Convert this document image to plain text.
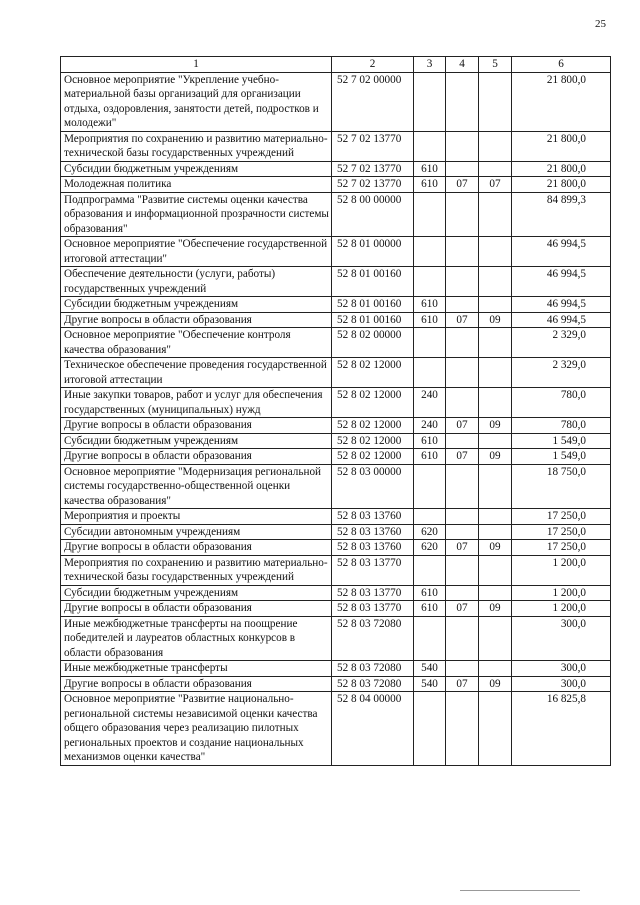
25
1	2	3	4	5	6
Основное мероприятие "Укрепление учебно-материальной базы организаций для организации отдыха, оздоровления, занятости детей, подростков и молодежи"	52 7 02 00000				21 800,0
Мероприятия по сохранению и развитию материально-технической базы государственных учреждений	52 7 02 13770				21 800,0
Субсидии бюджетным учреждениям	52 7 02 13770	610			21 800,0
Молодежная политика	52 7 02 13770	610	07	07	21 800,0
Подпрограмма "Развитие системы оценки качества образования и информационной прозрачности системы образования"	52 8 00 00000				84 899,3
Основное мероприятие "Обеспечение государственной итоговой аттестации"	52 8 01 00000				46 994,5
Обеспечение деятельности (услуги, работы) государственных учреждений	52 8 01 00160				46 994,5
Субсидии бюджетным учреждениям	52 8 01 00160	610			46 994,5
Другие вопросы в области образования	52 8 01 00160	610	07	09	46 994,5
Основное мероприятие "Обеспечение контроля качества образования"	52 8 02 00000				2 329,0
Техническое обеспечение проведения государственной итоговой аттестации	52 8 02 12000				2 329,0
Иные закупки товаров, работ и услуг для обеспечения государственных (муниципальных) нужд	52 8 02 12000	240			780,0
Другие вопросы в области образования	52 8 02 12000	240	07	09	780,0
Субсидии бюджетным учреждениям	52 8 02 12000	610			1 549,0
Другие вопросы в области образования	52 8 02 12000	610	07	09	1 549,0
Основное мероприятие "Модернизация региональной системы государственно-общественной оценки качества образования"	52 8 03 00000				18 750,0
Мероприятия и проекты	52 8 03 13760				17 250,0
Субсидии автономным учреждениям	52 8 03 13760	620			17 250,0
Другие вопросы в области образования	52 8 03 13760	620	07	09	17 250,0
Мероприятия по сохранению и развитию материально-технической базы государственных учреждений	52 8 03 13770				1 200,0
Субсидии бюджетным учреждениям	52 8 03 13770	610			1 200,0
Другие вопросы в области образования	52 8 03 13770	610	07	09	1 200,0
Иные межбюджетные трансферты на поощрение победителей и лауреатов областных конкурсов в области образования	52 8 03 72080				300,0
Иные межбюджетные трансферты	52 8 03 72080	540			300,0
Другие вопросы в области образования	52 8 03 72080	540	07	09	300,0
Основное мероприятие "Развитие национально-региональной системы независимой оценки качества общего образования через реализацию пилотных региональных проектов и создание национальных механизмов оценки качества"	52 8 04 00000				16 825,8
